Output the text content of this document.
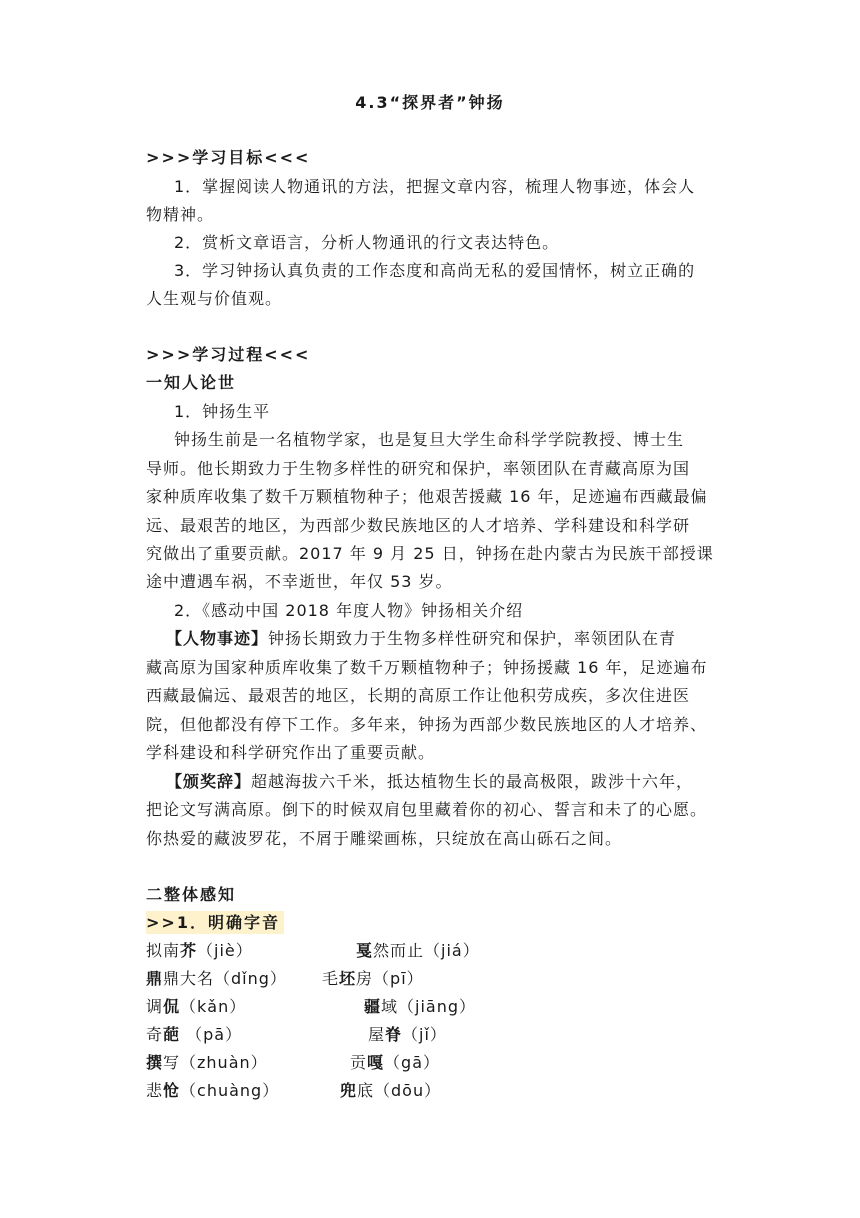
4.3“探界者”钟扬
>>>学习目标<<<
1．掌握阅读人物通讯的方法，把握文章内容，梳理人物事迹，体会人
物精神。
2．赏析文章语言，分析人物通讯的行文表达特色。
3．学习钟扬认真负责的工作态度和高尚无私的爱国情怀，树立正确的
人生观与价值观。
>>>学习过程<<<
一知人论世
1．钟扬生平
钟扬生前是一名植物学家，也是复旦大学生命科学学院教授、博士生
导师。他长期致力于生物多样性的研究和保护，率领团队在青藏高原为国
家种质库收集了数千万颗植物种子；他艰苦援藏 16 年，足迹遍布西藏最偏
远、最艰苦的地区，为西部少数民族地区的人才培养、学科建设和科学研
究做出了重要贡献。2017 年 9 月 25 日，钟扬在赴内蒙古为民族干部授课
途中遭遇车祸，不幸逝世，年仅 53 岁。
2．《感动中国 2018 年度人物》钟扬相关介绍
【人物事迹】钟扬长期致力于生物多样性研究和保护，率领团队在青
藏高原为国家种质库收集了数千万颗植物种子；钟扬援藏 16 年，足迹遍布
西藏最偏远、最艰苦的地区，长期的高原工作让他积劳成疾，多次住进医
院，但他都没有停下工作。多年来，钟扬为西部少数民族地区的人才培养、
学科建设和科学研究作出了重要贡献。
【颁奖辞】超越海拔六千米，抵达植物生长的最高极限，跋涉十六年，
把论文写满高原。倒下的时候双肩包里藏着你的初心、誓言和未了的心愿。
你热爱的藏波罗花，不屑于雕梁画栋，只绽放在高山砾石之间。
二整体感知
>>1．明确字音
拟南芥（jiè）	戛然而止（jiá）
鼎鼎大名（dǐng） 毛坯房（pī）
调侃（kǎn）	疆域（jiāng）
奇葩 （pā）	屋脊（jǐ）
撰写（zhuàn）	贡嘎（gā）
悲怆（chuàng）	兜底（dōu）
